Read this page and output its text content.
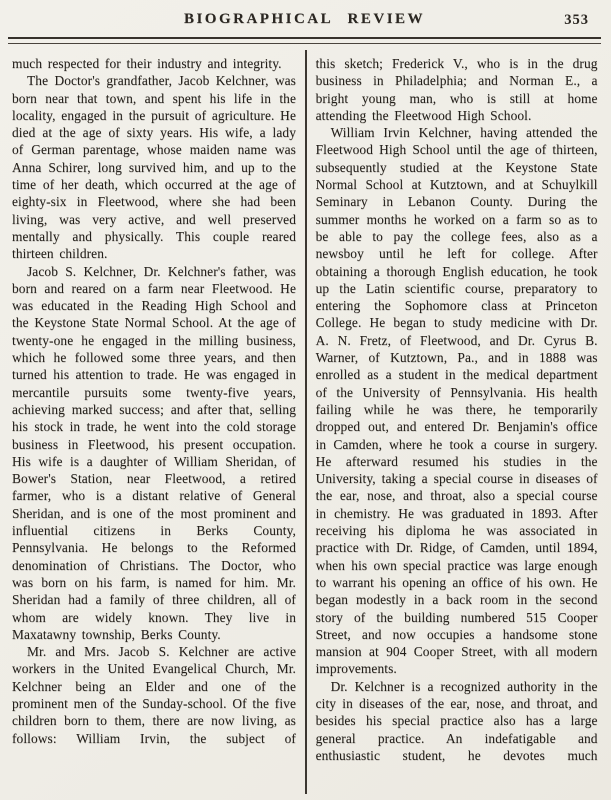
BIOGRAPHICAL REVIEW	353

much respected for their industry and integrity.

The Doctor's grandfather, Jacob Kelchner, was born near that town, and spent his life in the locality, engaged in the pursuit of agriculture. He died at the age of sixty years. His wife, a lady of German parentage, whose maiden name was Anna Schirer, long survived him, and up to the time of her death, which occurred at the age of eighty-six in Fleetwood, where she had been living, was very active, and well preserved mentally and physically. This couple reared thirteen children.

Jacob S. Kelchner, Dr. Kelchner's father, was born and reared on a farm near Fleetwood. He was educated in the Reading High School and the Keystone State Normal School. At the age of twenty-one he engaged in the milling business, which he followed some three years, and then turned his attention to trade. He was engaged in mercantile pursuits some twenty-five years, achieving marked success; and after that, selling his stock in trade, he went into the cold storage business in Fleetwood, his present occupation. His wife is a daughter of William Sheridan, of Bower's Station, near Fleetwood, a retired farmer, who is a distant relative of General Sheridan, and is one of the most prominent and influential citizens in Berks County, Pennsylvania. He belongs to the Reformed denomination of Christians. The Doctor, who was born on his farm, is named for him. Mr. Sheridan had a family of three children, all of whom are widely known. They live in Maxatawny township, Berks County.

Mr. and Mrs. Jacob S. Kelchner are active workers in the United Evangelical Church, Mr. Kelchner being an Elder and one of the prominent men of the Sunday-school. Of the five children born to them, there are now living, as follows: William Irvin, the subject of

this sketch; Frederick V., who is in the drug business in Philadelphia; and Norman E., a bright young man, who is still at home attending the Fleetwood High School.

William Irvin Kelchner, having attended the Fleetwood High School until the age of thirteen, subsequently studied at the Keystone State Normal School at Kutztown, and at Schuylkill Seminary in Lebanon County. During the summer months he worked on a farm so as to be able to pay the college fees, also as a newsboy until he left for college. After obtaining a thorough English education, he took up the Latin scientific course, preparatory to entering the Sophomore class at Princeton College. He began to study medicine with Dr. A. N. Fretz, of Fleetwood, and Dr. Cyrus B. Warner, of Kutztown, Pa., and in 1888 was enrolled as a student in the medical department of the University of Pennsylvania. His health failing while he was there, he temporarily dropped out, and entered Dr. Benjamin's office in Camden, where he took a course in surgery. He afterward resumed his studies in the University, taking a special course in diseases of the ear, nose, and throat, also a special course in chemistry. He was graduated in 1893. After receiving his diploma he was associated in practice with Dr. Ridge, of Camden, until 1894, when his own special practice was large enough to warrant his opening an office of his own. He began modestly in a back room in the second story of the building numbered 515 Cooper Street, and now occupies a handsome stone mansion at 904 Cooper Street, with all modern improvements.

Dr. Kelchner is a recognized authority in the city in diseases of the ear, nose, and throat, and besides his special practice also has a large general practice. An indefatigable and enthusiastic student, he devotes much
